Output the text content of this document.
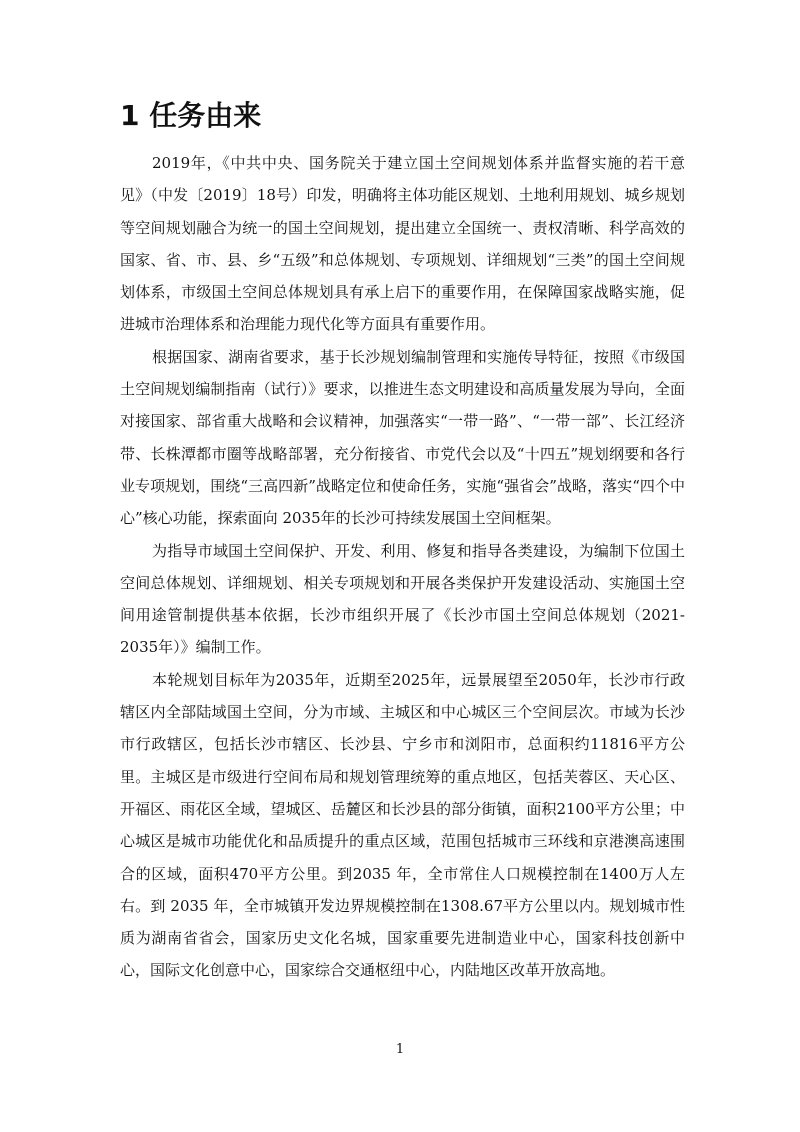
1 任务由来

2019年，《中共中央、国务院关于建立国土空间规划体系并监督实施的若干意见》（中发〔2019〕18号）印发，明确将主体功能区规划、土地利用规划、城乡规划等空间规划融合为统一的国土空间规划，提出建立全国统一、责权清晰、科学高效的国家、省、市、县、乡“五级”和总体规划、专项规划、详细规划“三类”的国土空间规划体系，市级国土空间总体规划具有承上启下的重要作用，在保障国家战略实施，促进城市治理体系和治理能力现代化等方面具有重要作用。

根据国家、湖南省要求，基于长沙规划编制管理和实施传导特征，按照《市级国土空间规划编制指南（试行）》要求，以推进生态文明建设和高质量发展为导向，全面对接国家、部省重大战略和会议精神，加强落实“一带一路”、“一带一部”、长江经济带、长株潭都市圈等战略部署，充分衔接省、市党代会以及“十四五”规划纲要和各行业专项规划，围绕“三高四新”战略定位和使命任务，实施“强省会”战略，落实“四个中心”核心功能，探索面向 2035年的长沙可持续发展国土空间框架。

为指导市域国土空间保护、开发、利用、修复和指导各类建设，为编制下位国土空间总体规划、详细规划、相关专项规划和开展各类保护开发建设活动、实施国土空间用途管制提供基本依据，长沙市组织开展了《长沙市国土空间总体规划（2021-2035年）》编制工作。

本轮规划目标年为2035年，近期至2025年，远景展望至2050年，长沙市行政辖区内全部陆域国土空间，分为市域、主城区和中心城区三个空间层次。市域为长沙市行政辖区，包括长沙市辖区、长沙县、宁乡市和浏阳市，总面积约11816平方公里。主城区是市级进行空间布局和规划管理统筹的重点地区，包括芙蓉区、天心区、开福区、雨花区全域，望城区、岳麓区和长沙县的部分街镇，面积2100平方公里；中心城区是城市功能优化和品质提升的重点区域，范围包括城市三环线和京港澳高速围合的区域，面积470平方公里。到2035 年，全市常住人口规模控制在1400万人左右。到 2035 年，全市城镇开发边界规模控制在1308.67平方公里以内。规划城市性质为湖南省省会，国家历史文化名城，国家重要先进制造业中心，国家科技创新中心，国际文化创意中心，国家综合交通枢纽中心，内陆地区改革开放高地。

1
